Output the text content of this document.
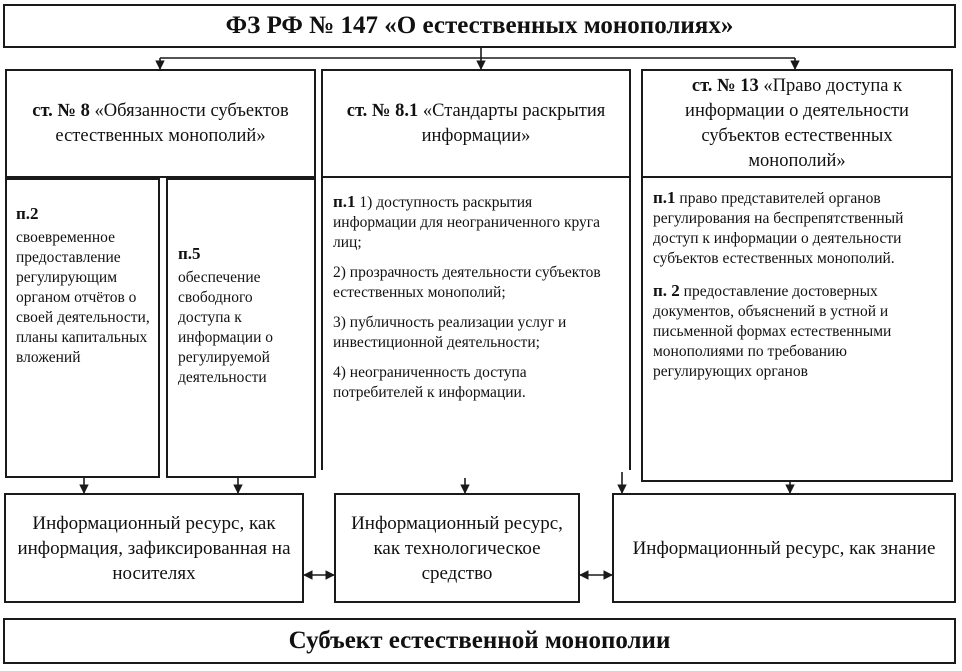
ФЗ РФ № 147 «О естественных монополиях»
ст. № 8 «Обязанности субъектов естественных монополий»
ст. № 8.1 «Стандарты раскрытия информации»
ст. № 13 «Право доступа к информации о деятельности субъектов естественных монополий»
п.2
своевременное предоставление регулирующим органом отчётов о своей деятельности, планы капитальных вложений
п.5
обеспечение свободного доступа к информации о регулируемой деятельности

п.1 1) доступность раскрытия информации для неограниченного круга лиц;

2) прозрачность деятельности субъектов естественных монополий;

3) публичность реализации услуг и инвестиционной деятельности;

4) неограниченность доступа потребителей к информации.

п.1 право представителей органов регулирования на беспрепятственный доступ к информации о деятельности субъектов естественных монополий.

п. 2 предоставление достоверных документов, объяснений в устной и письменной формах естественными монополиями по требованию регулирующих органов

Информационный ресурс, как информация, зафиксированная на носителях
Информационный ресурс, как технологическое средство
Информационный ресурс, как знание
Субъект естественной монополии
